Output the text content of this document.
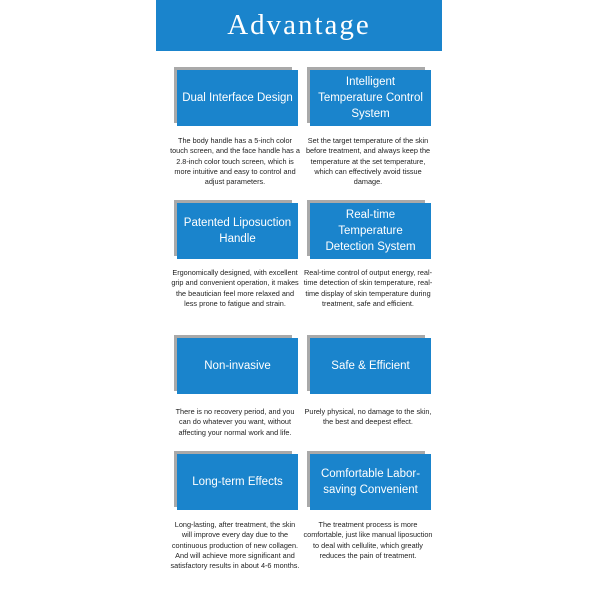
Advantage
Dual Interface Design
The body handle has a 5-inch color touch screen, and the face handle has a 2.8-inch color touch screen, which is more intuitive and easy to control and adjust parameters.
Intelligent Temperature Control System
Set the target temperature of the skin before treatment, and always keep the temperature at the set temperature, which can effectively avoid tissue damage.
Patented Liposuction Handle
Ergonomically designed, with excellent grip and convenient operation, it makes the beautician feel more relaxed and less prone to fatigue and strain.
Real-time Temperature Detection System
Real-time control of output energy, real-time detection of skin temperature, real-time display of skin temperature during treatment, safe and efficient.
Non-invasive
There is no recovery period, and you can do whatever you want, without affecting your normal work and life.
Safe & Efficient
Purely physical, no damage to the skin, the best and deepest effect.
Long-term Effects
Long-lasting, after treatment, the skin will improve every day due to the continuous production of new collagen. And will achieve more significant and satisfactory results in about 4-6 months.
Comfortable Labor-saving Convenient
The treatment process is more comfortable, just like manual liposuction to deal with cellulite, which greatly reduces the pain of treatment.
